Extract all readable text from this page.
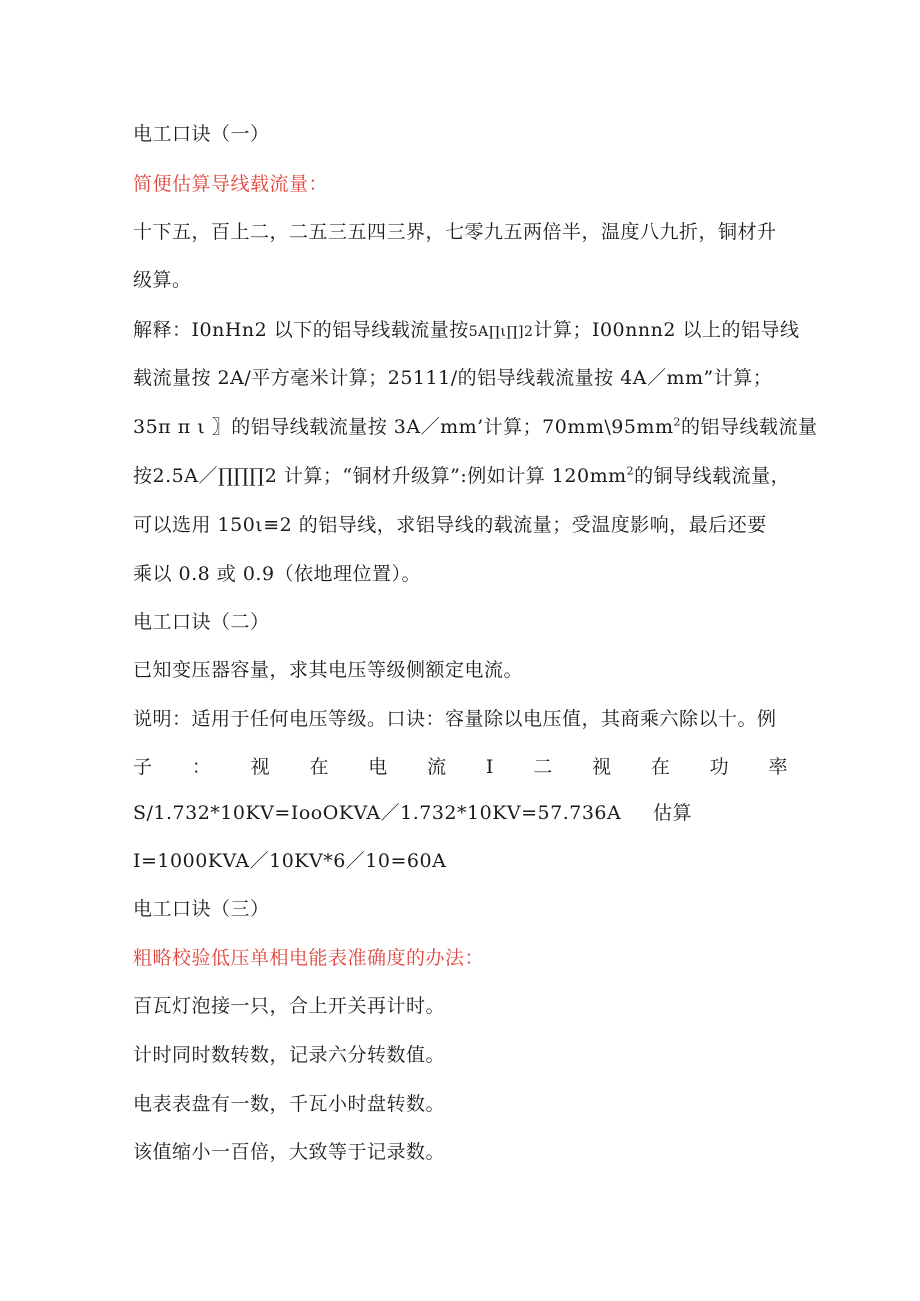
电工口诀（一）
简便估算导线载流量：
十下五，百上二，二五三五四三界，七零九五两倍半，温度八九折，铜材升
级算。
解释：I0nHn2 以下的铝导线载流量按5A∏ι∏]2计算；I00nnn2 以上的铝导线
载流量按 2A/平方毫米计算；25111/的铝导线载流量按 4A／mm”计算；
35π π ι 〗的铝导线载流量按 3A／mm’计算；$70mm\backslash 95mm^2$的铝导线载流量
按2.5A／∏∏∏2 计算；“铜材升级算”:例如计算 $120mm^2$的铜导线载流量，
可以选用 150ι≡2 的铝导线，求铝导线的载流量；受温度影响，最后还要
乘以 0.8 或 0.9（依地理位置）。
电工口诀（二）
已知变压器容量，求其电压等级侧额定电流。
说明：适用于任何电压等级。口诀：容量除以电压值，其商乘六除以十。例
子 ： 视 在 电 流 I 二 视 在 功 率
S/1.732*10KV=IooOKVA／1.732*10KV=57.736A 估算
I=1000KVA／10KV*6／10=60A
电工口诀（三）
粗略校验低压单相电能表准确度的办法：
百瓦灯泡接一只，合上开关再计时。
计时同时数转数，记录六分转数值。
电表表盘有一数，千瓦小时盘转数。
该值缩小一百倍，大致等于记录数。
